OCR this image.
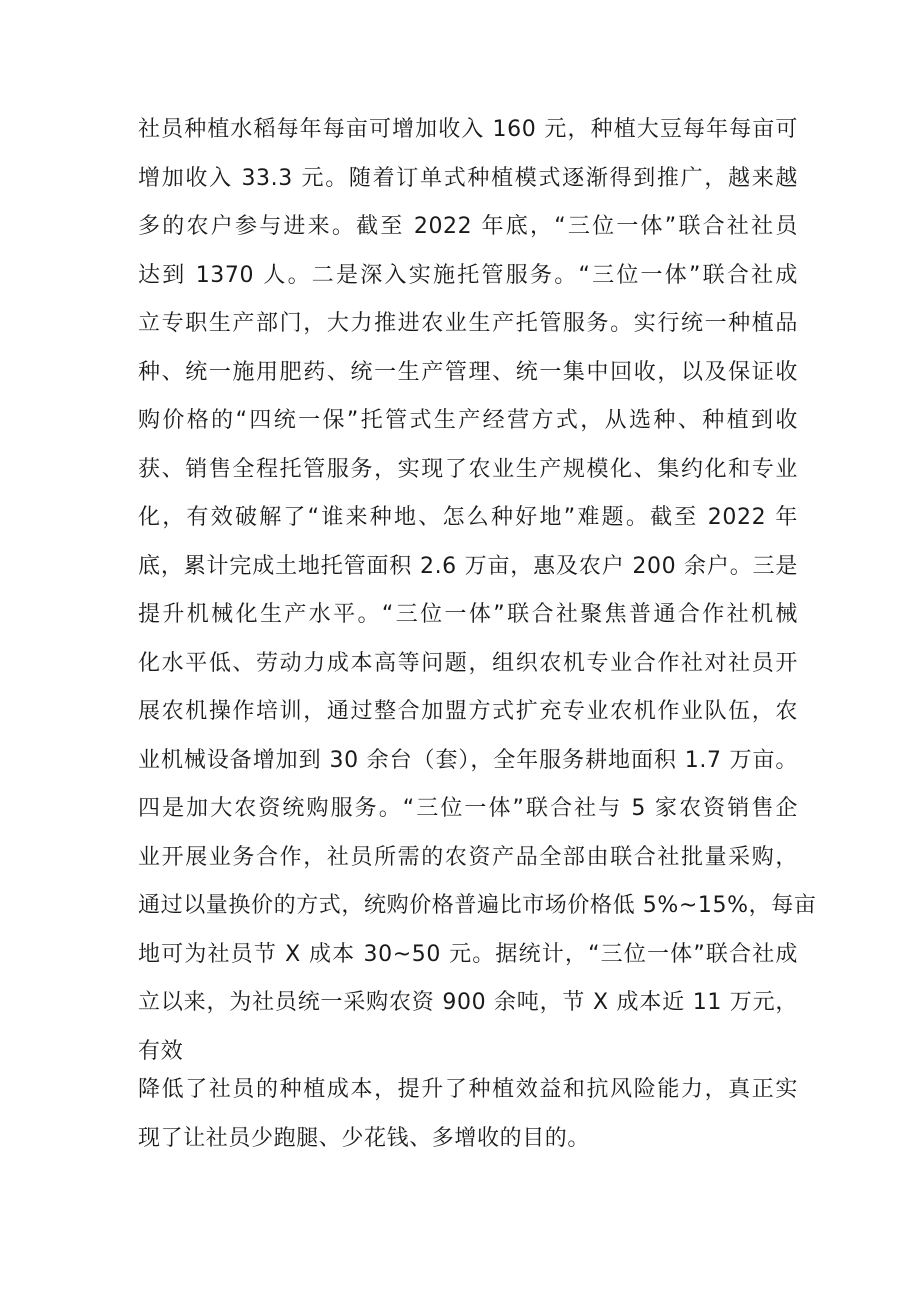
社员种植水稻每年每亩可增加收入 160 元，种植大豆每年每亩可
增加收入 33.3 元。随着订单式种植模式逐渐得到推广，越来越
多的农户参与进来。截至 2022 年底，“三位一体”联合社社员
达到 1370 人。二是深入实施托管服务。“三位一体”联合社成
立专职生产部门，大力推进农业生产托管服务。实行统一种植品
种、统一施用肥药、统一生产管理、统一集中回收，以及保证收
购价格的“四统一保”托管式生产经营方式，从选种、种植到收
获、销售全程托管服务，实现了农业生产规模化、集约化和专业
化，有效破解了“谁来种地、怎么种好地”难题。截至 2022 年
底，累计完成土地托管面积 2.6 万亩，惠及农户 200 余户。三是
提升机械化生产水平。“三位一体”联合社聚焦普通合作社机械
化水平低、劳动力成本高等问题，组织农机专业合作社对社员开
展农机操作培训，通过整合加盟方式扩充专业农机作业队伍，农
业机械设备增加到 30 余台（套），全年服务耕地面积 1.7 万亩。
四是加大农资统购服务。“三位一体”联合社与 5 家农资销售企
业开展业务合作，社员所需的农资产品全部由联合社批量采购，
通过以量换价的方式，统购价格普遍比市场价格低 5%~15%，每亩
地可为社员节 X 成本 30~50 元。据统计，“三位一体”联合社成
立以来，为社员统一采购农资 900 余吨，节 X 成本近 11 万元，
有效
降低了社员的种植成本，提升了种植效益和抗风险能力，真正实
现了让社员少跑腿、少花钱、多增收的目的。
